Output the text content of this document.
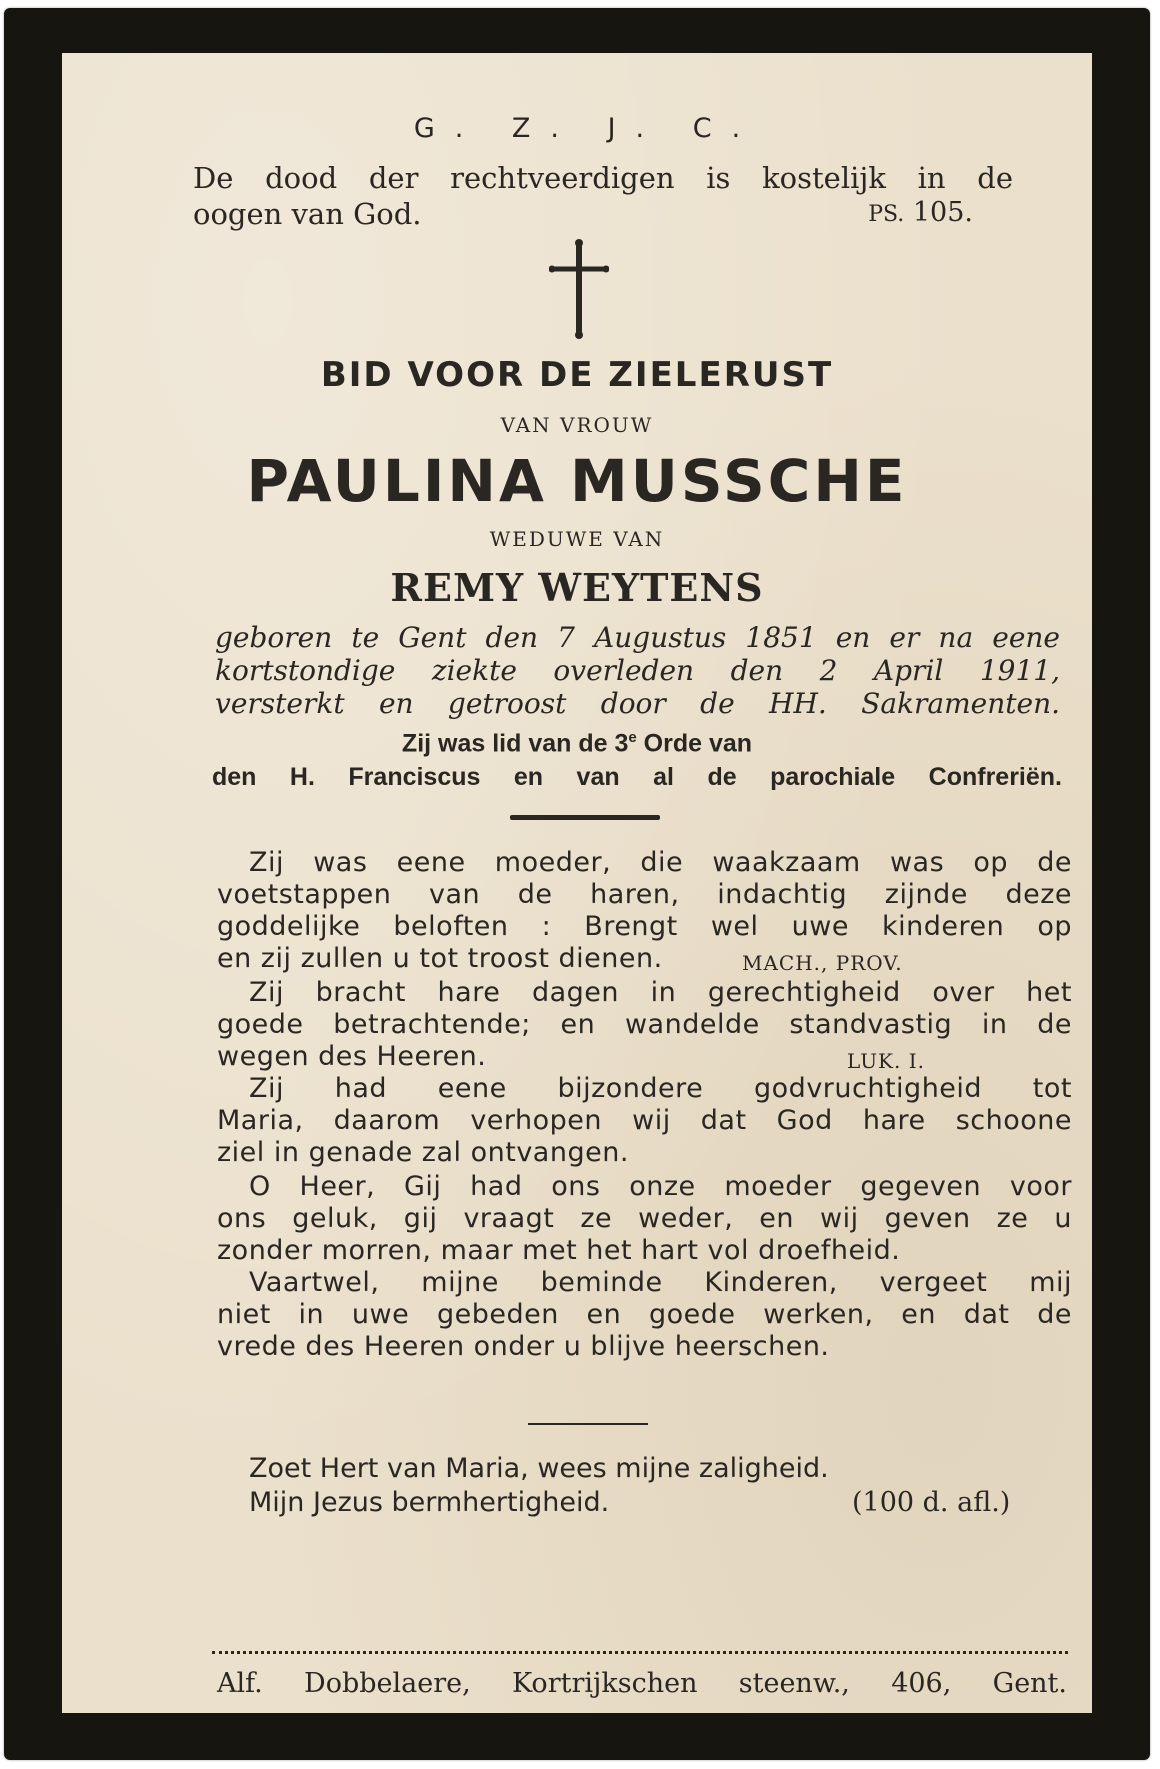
G. Z. J. C.

De dood der rechtveerdigen is kostelijk in de

oogen van God.	PS. 105.

BID VOOR DE ZIELERUST

VAN VROUW

PAULINA MUSSCHE

WEDUWE VAN

REMY WEYTENS

geboren te Gent den 7 Augustus 1851 en er na eene

kortstondige ziekte overleden den 2 April 1911,

versterkt en getroost door de HH. Sakramenten.

Zij was lid van de 3e Orde van

den H. Franciscus en van al de parochiale Confreriën.

Zij was eene moeder, die waakzaam was op de

voetstappen van de haren, indachtig zijnde deze

goddelijke beloften : Brengt wel uwe kinderen op

en zij zullen u tot troost dienen.	MACH., PROV.

Zij bracht hare dagen in gerechtigheid over het

goede betrachtende; en wandelde standvastig in de

wegen des Heeren.	LUK. I.

Zij had eene bijzondere godvruchtigheid tot

Maria, daarom verhopen wij dat God hare schoone

ziel in genade zal ontvangen.

O Heer, Gij had ons onze moeder gegeven voor

ons geluk, gij vraagt ze weder, en wij geven ze u

zonder morren, maar met het hart vol droefheid.

Vaartwel, mijne beminde Kinderen, vergeet mij

niet in uwe gebeden en goede werken, en dat de

vrede des Heeren onder u blijve heerschen.

Zoet Hert van Maria, wees mijne zaligheid.

Mijn Jezus bermhertigheid.	(100 d. afl.)

Alf. Dobbelaere, Kortrijkschen steenw., 406, Gent.
